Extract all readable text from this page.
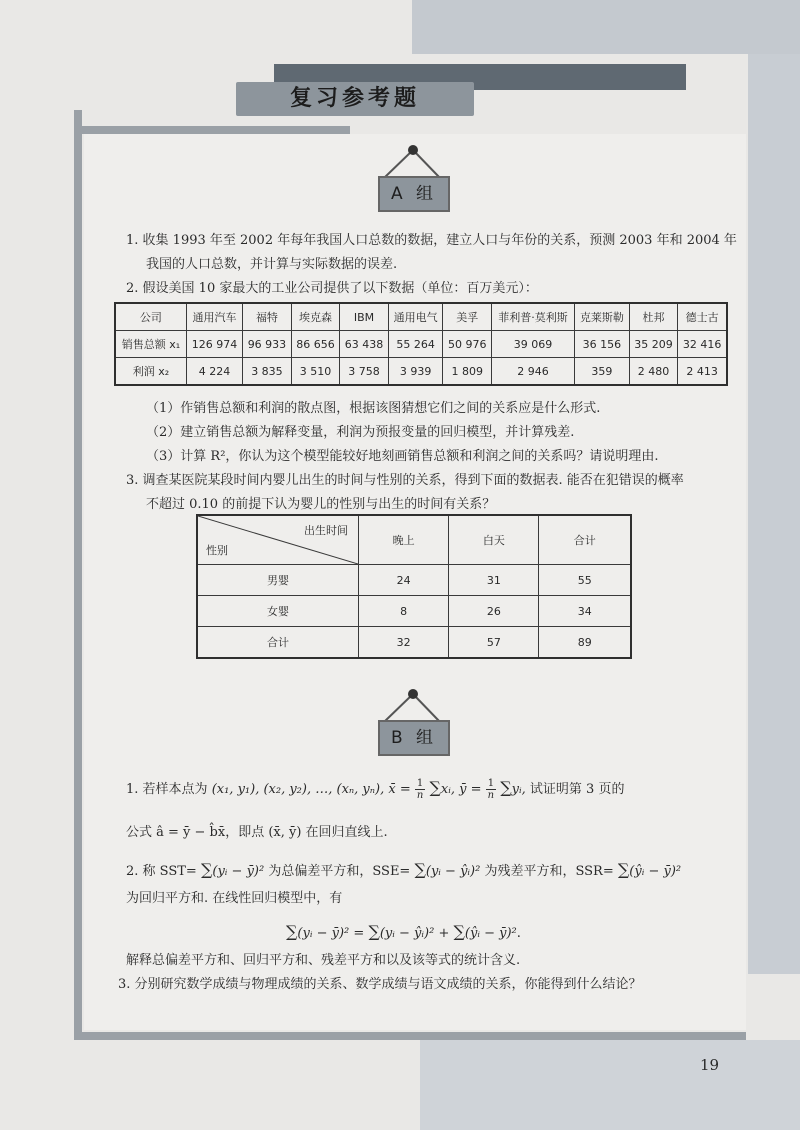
复习参考题
A 组
1. 收集 1993 年至 2002 年每年我国人口总数的数据，建立人口与年份的关系，预测 2003 年和 2004 年
我国的人口总数，并计算与实际数据的误差.
2. 假设美国 10 家最大的工业公司提供了以下数据（单位：百万美元）：
公司	通用汽车	福特	埃克森	IBM	通用电气	美孚	菲利普·莫利斯	克莱斯勒	杜邦	德士古
销售总额 x₁	126 974	96 933	86 656	63 438	55 264	50 976	39 069	36 156	35 209	32 416
利润 x₂	4 224	3 835	3 510	3 758	3 939	1 809	2 946	359	2 480	2 413
（1）作销售总额和利润的散点图，根据该图猜想它们之间的关系应是什么形式.
（2）建立销售总额为解释变量，利润为预报变量的回归模型，并计算残差.
（3）计算 R²，你认为这个模型能较好地刻画销售总额和利润之间的关系吗？请说明理由.
3. 调查某医院某段时间内婴儿出生的时间与性别的关系，得到下面的数据表. 能否在犯错误的概率
不超过 0.10 的前提下认为婴儿的性别与出生的时间有关系？
出生时间
性别	晚上	白天	合计
男婴	24	31	55
女婴	8	26	34
合计	32	57	89
B 组
1. 若样本点为 (x₁, y₁), (x₂, y₂), …, (xₙ, yₙ), x̄ = 1
n ∑xᵢ, ȳ = 1
n ∑yᵢ, 试证明第 3 页的
公式 â = ȳ − b̂x̄，即点 (x̄, ȳ) 在回归直线上.
2. 称 SST= ∑(yᵢ − ȳ)² 为总偏差平方和，SSE= ∑(yᵢ − ŷᵢ)² 为残差平方和，SSR= ∑(ŷᵢ − ȳ)²
为回归平方和. 在线性回归模型中，有
∑(yᵢ − ȳ)² = ∑(yᵢ − ŷᵢ)² + ∑(ŷᵢ − ȳ)².
解释总偏差平方和、回归平方和、残差平方和以及该等式的统计含义.
3. 分别研究数学成绩与物理成绩的关系、数学成绩与语文成绩的关系，你能得到什么结论？
19
